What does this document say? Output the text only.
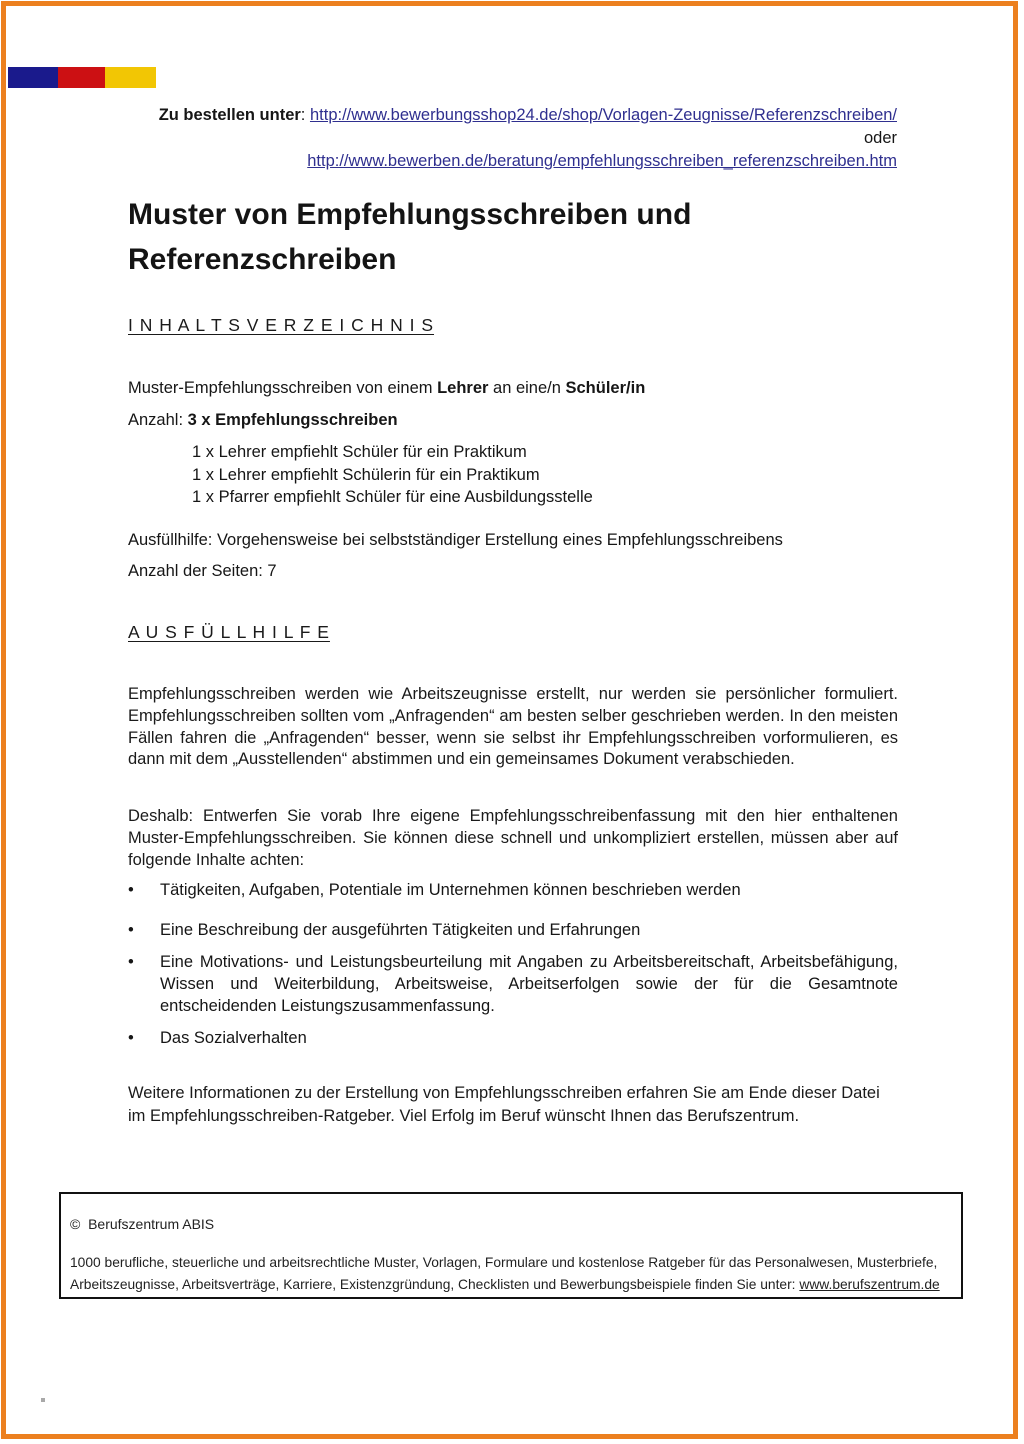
Zu bestellen unter: http://www.bewerbungsshop24.de/shop/Vorlagen-Zeugnisse/Referenzschreiben/
oder
http://www.bewerben.de/beratung/empfehlungsschreiben_referenzschreiben.htm
Muster von Empfehlungsschreiben und Referenzschreiben
I N H A L T S V E R Z E I C H N I S
Muster-Empfehlungsschreiben von einem Lehrer an eine/n Schüler/in
Anzahl: 3 x Empfehlungsschreiben
1 x Lehrer empfiehlt Schüler für ein Praktikum
1 x Lehrer empfiehlt Schülerin für ein Praktikum
1 x Pfarrer empfiehlt Schüler für eine Ausbildungsstelle
Ausfüllhilfe: Vorgehensweise bei selbstständiger Erstellung eines Empfehlungsschreibens
Anzahl der Seiten: 7
A U S F Ü L L H I L F E
Empfehlungsschreiben werden wie Arbeitszeugnisse erstellt, nur werden sie persönlicher formuliert. Empfehlungsschreiben sollten vom „Anfragenden“ am besten selber geschrieben werden. In den meisten Fällen fahren die „Anfragenden“ besser, wenn sie selbst ihr Empfehlungsschreiben vorformulieren, es dann mit dem „Ausstellenden“ abstimmen und ein gemeinsames Dokument verabschieden.
Deshalb: Entwerfen Sie vorab Ihre eigene Empfehlungsschreibenfassung mit den hier enthaltenen Muster-Empfehlungsschreiben. Sie können diese schnell und unkompliziert erstellen, müssen aber auf folgende Inhalte achten:
•	Tätigkeiten, Aufgaben, Potentiale im Unternehmen können beschrieben werden
•	Eine Beschreibung der ausgeführten Tätigkeiten und Erfahrungen
•	Eine Motivations- und Leistungsbeurteilung mit Angaben zu Arbeitsbereitschaft, Arbeitsbefähigung, Wissen und Weiterbildung, Arbeitsweise, Arbeitserfolgen sowie der für die Gesamtnote entscheidenden Leistungszusammenfassung.
•	Das Sozialverhalten
Weitere Informationen zu der Erstellung von Empfehlungsschreiben erfahren Sie am Ende dieser Datei im Empfehlungsschreiben-Ratgeber. Viel Erfolg im Beruf wünscht Ihnen das Berufszentrum.
©  Berufszentrum ABIS
1000 berufliche, steuerliche und arbeitsrechtliche Muster, Vorlagen, Formulare und kostenlose Ratgeber für das Personalwesen, Musterbriefe,
Arbeitszeugnisse, Arbeitsverträge, Karriere, Existenzgründung, Checklisten und Bewerbungsbeispiele finden Sie unter: www.berufszentrum.de
